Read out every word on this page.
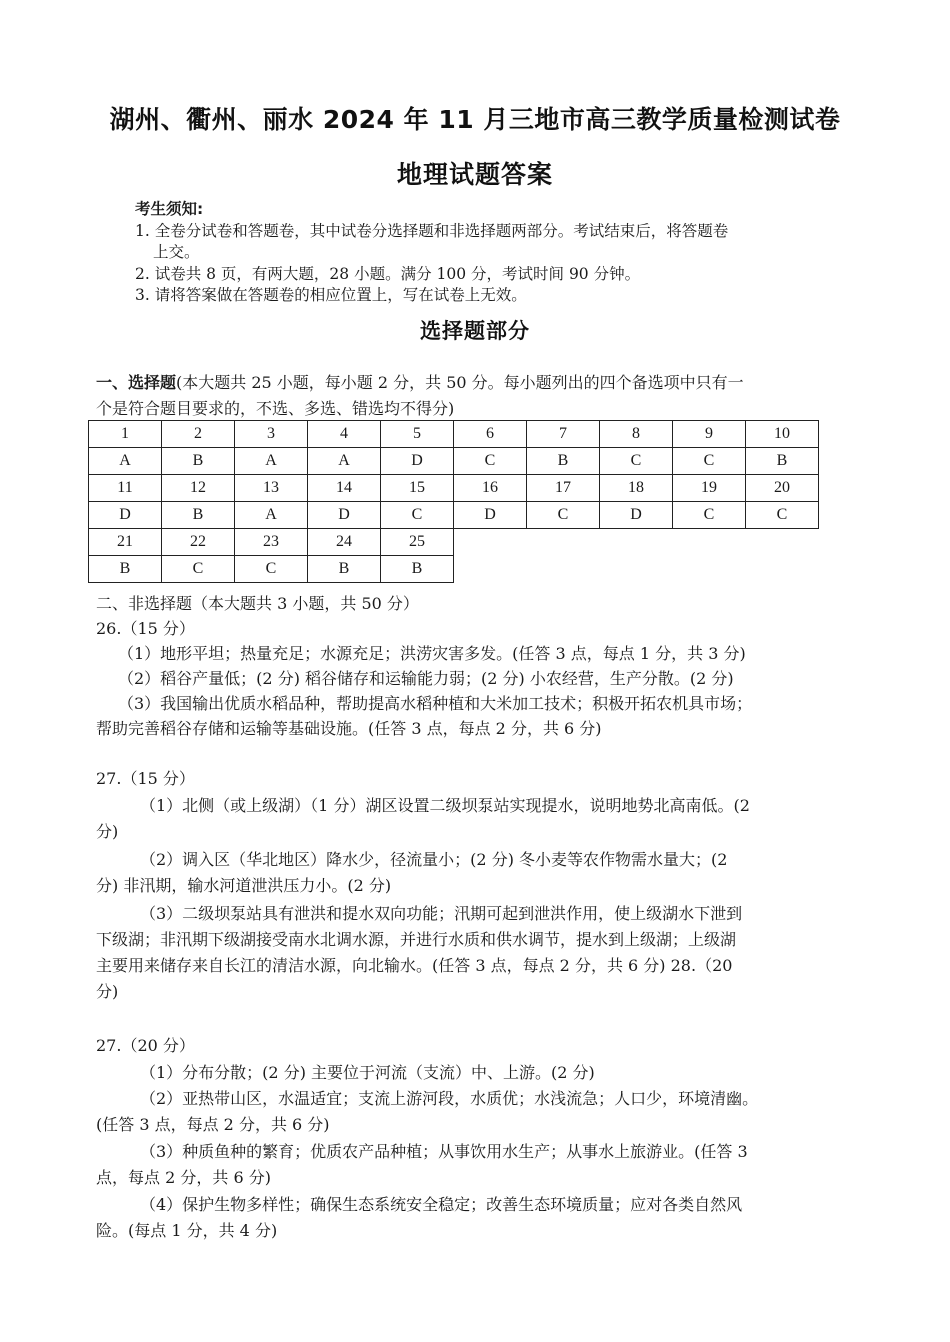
湖州、衢州、丽水 2024 年 11 月三地市高三教学质量检测试卷
地理试题答案
考生须知:
1. 全卷分试卷和答题卷，其中试卷分选择题和非选择题两部分。考试结束后，将答题卷
上交。
2. 试卷共 8 页，有两大题，28 小题。满分 100 分，考试时间 90 分钟。
3. 请将答案做在答题卷的相应位置上，写在试卷上无效。
选择题部分
一、选择题(本大题共 25 小题，每小题 2 分，共 50 分。每小题列出的四个备选项中只有一
个是符合题目要求的，不选、多选、错选均不得分)
1	2	3	4	5	6	7	8	9	10
A	B	A	A	D	C	B	C	C	B
11	12	13	14	15	16	17	18	19	20
D	B	A	D	C	D	C	D	C	C
21	22	23	24	25					
B	C	C	B	B					
二、非选择题（本大题共 3 小题，共 50 分）
26.（15 分）
（1）地形平坦；热量充足；水源充足；洪涝灾害多发。(任答 3 点，每点 1 分，共 3 分)
（2）稻谷产量低；(2 分) 稻谷储存和运输能力弱；(2 分) 小农经营，生产分散。(2 分)
（3）我国输出优质水稻品种，帮助提高水稻种植和大米加工技术；积极开拓农机具市场；
帮助完善稻谷存储和运输等基础设施。(任答 3 点，每点 2 分，共 6 分)
27.（15 分）
（1）北侧（或上级湖）（1 分）湖区设置二级坝泵站实现提水，说明地势北高南低。(2
分)
（2）调入区（华北地区）降水少，径流量小；(2 分) 冬小麦等农作物需水量大；(2
分) 非汛期，输水河道泄洪压力小。(2 分)
（3）二级坝泵站具有泄洪和提水双向功能；汛期可起到泄洪作用，使上级湖水下泄到
下级湖；非汛期下级湖接受南水北调水源，并进行水质和供水调节，提水到上级湖；上级湖
主要用来储存来自长江的清洁水源，向北输水。(任答 3 点，每点 2 分，共 6 分) 28.（20
分)
27.（20 分）
（1）分布分散；(2 分) 主要位于河流（支流）中、上游。(2 分)
（2）亚热带山区，水温适宜；支流上游河段，水质优；水浅流急；人口少，环境清幽。
(任答 3 点，每点 2 分，共 6 分)
（3）种质鱼种的繁育；优质农产品种植；从事饮用水生产；从事水上旅游业。(任答 3
点，每点 2 分，共 6 分)
（4）保护生物多样性；确保生态系统安全稳定；改善生态环境质量；应对各类自然风
险。(每点 1 分，共 4 分)
